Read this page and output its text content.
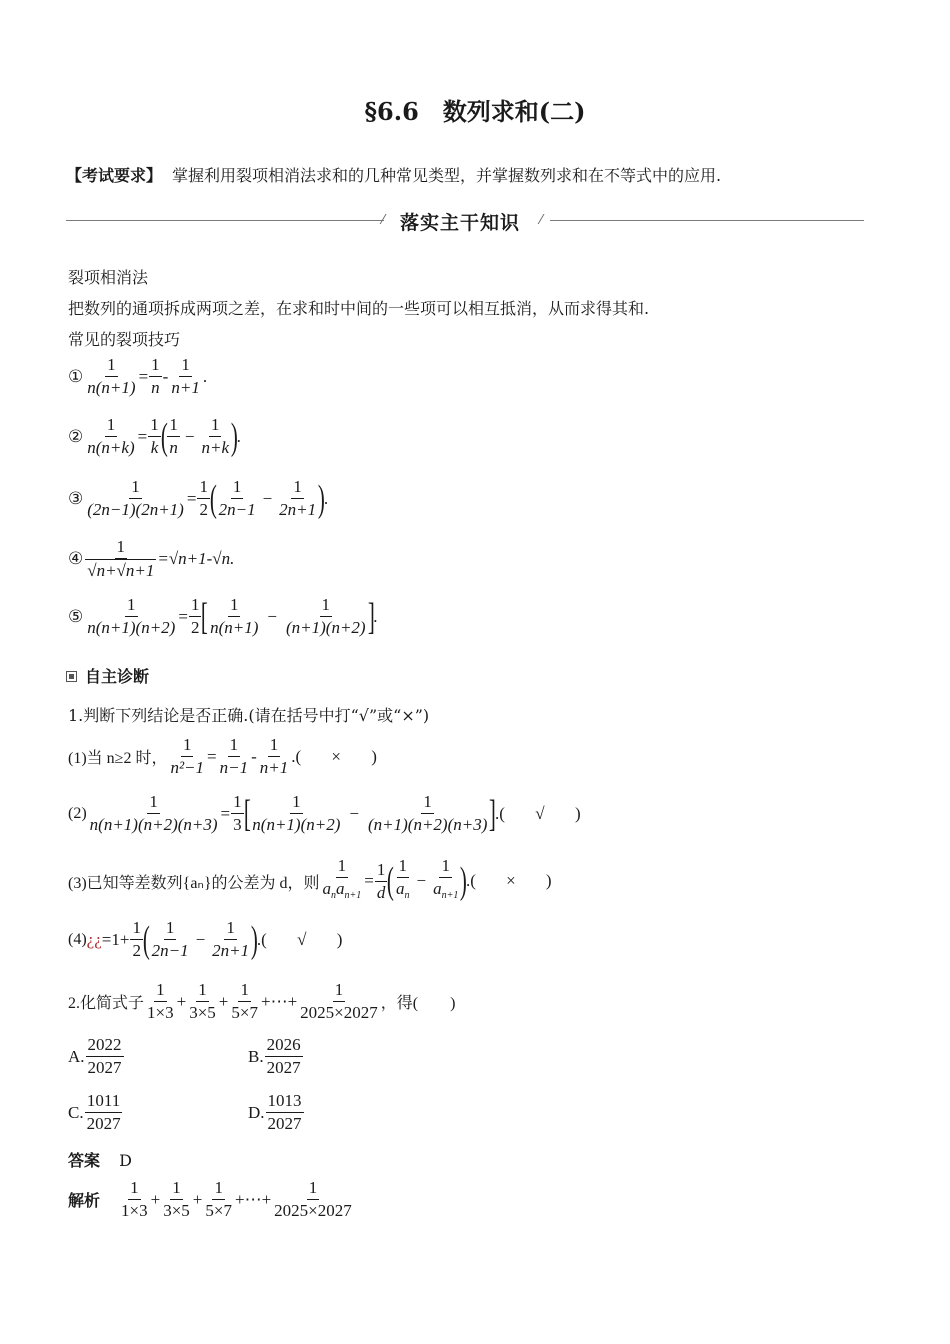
§6.6　数列求和(二)
【考试要求】 掌握利用裂项相消法求和的几种常见类型，并掌握数列求和在不等式中的应用.
⁄ 落实主干知识 ⁄
裂项相消法
把数列的通项拆成两项之差，在求和时中间的一些项可以相互抵消，从而求得其和.
常见的裂项技巧
① $\frac{1}{n(n+1)} = \frac{1}{n} - \frac{1}{n+1}$ .
② $\frac{1}{n(n+k)} = \frac{1}{k}$ ( $\frac{1}{n} - \frac{1}{n+k}$ )
.
③ $\frac{1}{(2n-1)(2n+1)} = \frac{1}{2}$ ( $\frac{1}{2n-1} - \frac{1}{2n+1}$ )
.
④ $\frac{1}{√n+√n+1} =√n+1-√n$.
⑤ $\frac{1}{n(n+1)(n+2)} = \frac{1}{2}$ [ $\frac{1}{n(n+1)} - \frac{1}{(n+1)(n+2)}$ ]
.
自主诊断
1.判断下列结论是否正确.(请在括号中打“√”或“×”)
(1)当 n≥2 时， $\frac{1}{\text{n²−1}} = \frac{1}{n-1} - \frac{1}{n+1}$ .(	×	)
$(2) \frac{1}{n(n+1)(n+2)(n+3)} = \frac{1}{3}$ [ $\frac{1}{n(n+1)(n+2)} - \frac{1}{(n+1)(n+2)(n+3)}$ ]
.(	√	)
(3)已知等差数列{aₙ}的公差为 d，则 $\frac{1}{a_na_{n+1}} = \frac{1}{d}$ ( $\frac{1}{a_n} - \frac{1}{a_{n+1}}$ )
.(	×	)
(4) ¿¿ $=1+ \frac{1}{2}$ ( $\frac{1}{2n-1} - \frac{1}{2n+1}$ )
.(	√	)
2.化简式子 $\frac{1}{1\times 3} + \frac{1}{3\times 5} + \frac{1}{5\times 7}$ +⋯+ $\frac{1}{2025\times 2027}$ ，得(　　)
A. $\frac{2022}{2027}$	B. $\frac{2026}{2027}$
C. $\frac{1011}{2027}$	D. $\frac{1013}{2027}$
答案 D
解析 $\frac{1}{1\times 3} + \frac{1}{3\times 5} + \frac{1}{5\times 7}$ +⋯+ $\frac{1}{2025\times 2027}$
